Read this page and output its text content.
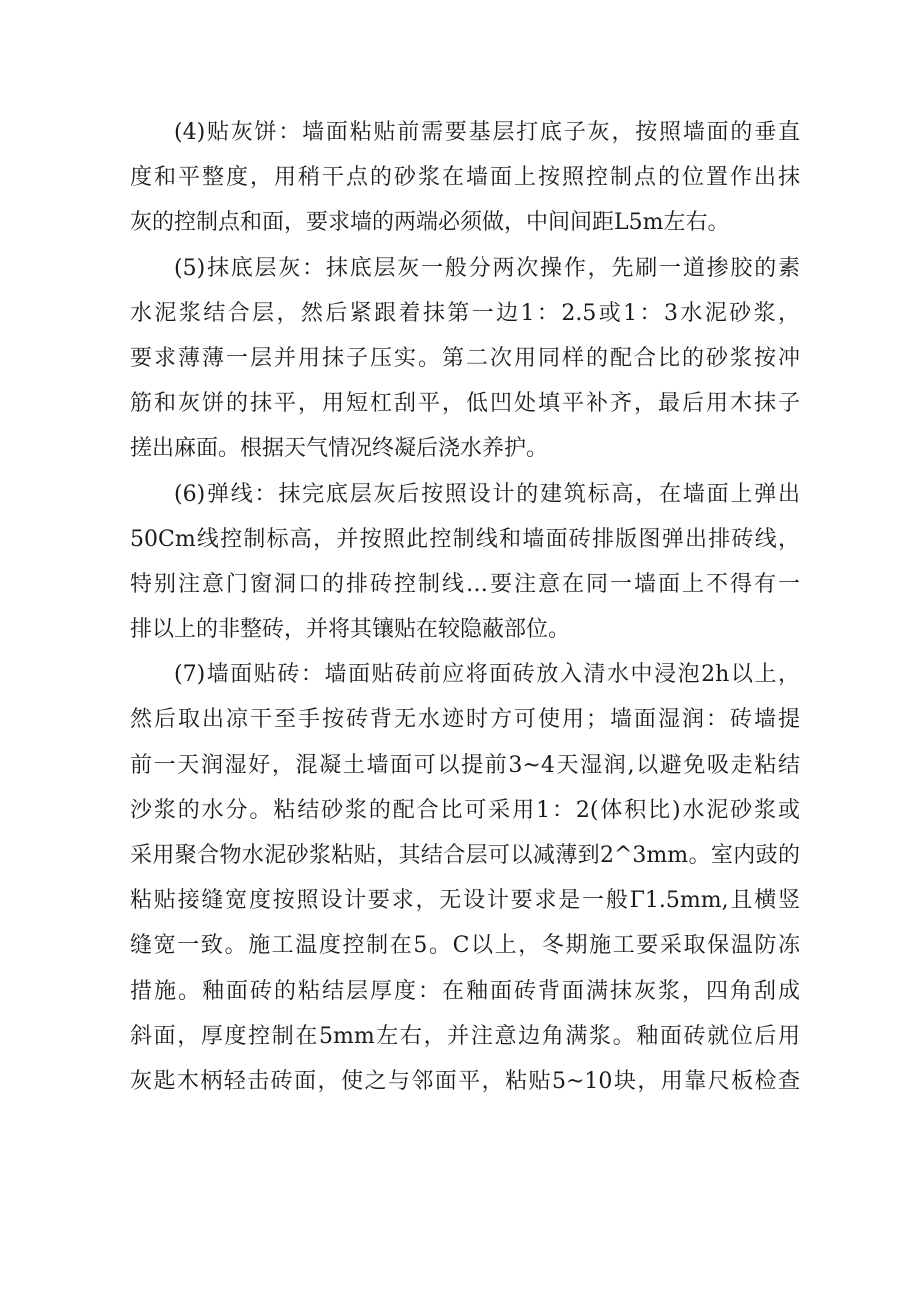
(4)贴灰饼：墙面粘贴前需要基层打底子灰，按照墙面的垂直
度和平整度，用稍干点的砂浆在墙面上按照控制点的位置作出抹
灰的控制点和面，要求墙的两端必须做，中间间距L5m左右。
(5)抹底层灰：抹底层灰一般分两次操作，先刷一道掺胶的素
水泥浆结合层，然后紧跟着抹第一边1：2.5或1：3水泥砂浆，
要求薄薄一层并用抹子压实。第二次用同样的配合比的砂浆按冲
筋和灰饼的抹平，用短杠刮平，低凹处填平补齐，最后用木抹子
搓出麻面。根据天气情况终凝后浇水养护。
(6)弹线：抹完底层灰后按照设计的建筑标高，在墙面上弹出
50Cm线控制标高，并按照此控制线和墙面砖排版图弹出排砖线，
特别注意门窗洞口的排砖控制线…要注意在同一墙面上不得有一
排以上的非整砖，并将其镶贴在较隐蔽部位。
(7)墙面贴砖：墙面贴砖前应将面砖放入清水中浸泡2h以上，
然后取出凉干至手按砖背无水迹时方可使用；墙面湿润：砖墙提
前一天润湿好，混凝土墙面可以提前3~4天湿润,以避免吸走粘结
沙浆的水分。粘结砂浆的配合比可采用1：2(体积比)水泥砂浆或
采用聚合物水泥砂浆粘贴，其结合层可以减薄到2^3mm。室内豉的
粘贴接缝宽度按照设计要求，无设计要求是一般Γ1.5mm,且横竖
缝宽一致。施工温度控制在5。C以上，冬期施工要采取保温防冻
措施。釉面砖的粘结层厚度：在釉面砖背面满抹灰浆，四角刮成
斜面，厚度控制在5mm左右，并注意边角满浆。釉面砖就位后用
灰匙木柄轻击砖面，使之与邻面平，粘贴5~10块，用靠尺板检查
